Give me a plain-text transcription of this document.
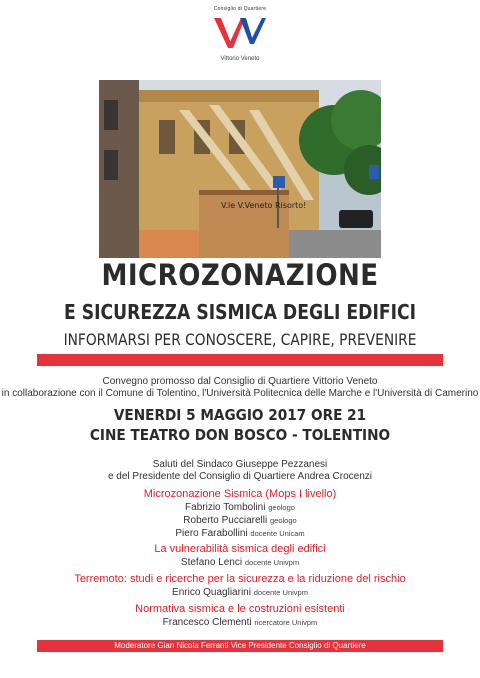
Consiglio di Quartiere
Vittorio Veneto
V.le V.Veneto Risorto!
MICROZONAZIONE
E SICUREZZA SISMICA DEGLI EDIFICI
INFORMARSI PER CONOSCERE, CAPIRE, PREVENIRE
Convegno promosso dal Consiglio di Quartiere Vittorio Veneto
in collaborazione con il Comune di Tolentino, l'Università Politecnica delle Marche e l'Università di Camerino
VENERDI 5 MAGGIO 2017 ORE 21
CINE TEATRO DON BOSCO - TOLENTINO
Saluti del Sindaco Giuseppe Pezzanesi
e del Presidente del Consiglio di Quartiere Andrea Crocenzi
Microzonazione Sismica (Mops I livello)
Fabrizio Tombolini geologo
Roberto Pucciarelli geologo
Piero Farabollini docente Unicam
La vulnerabilità sismica degli edifici
Stefano Lenci docente Univpm
Terremoto: studi e ricerche per la sicurezza e la riduzione del rischio
Enrico Quagliarini docente Univpm
Normativa sismica e le costruzioni esistenti
Francesco Clementi ricercatore Univpm
Moderatore Gian Nicola Ferranti Vice Presidente Consiglio di Quartiere
